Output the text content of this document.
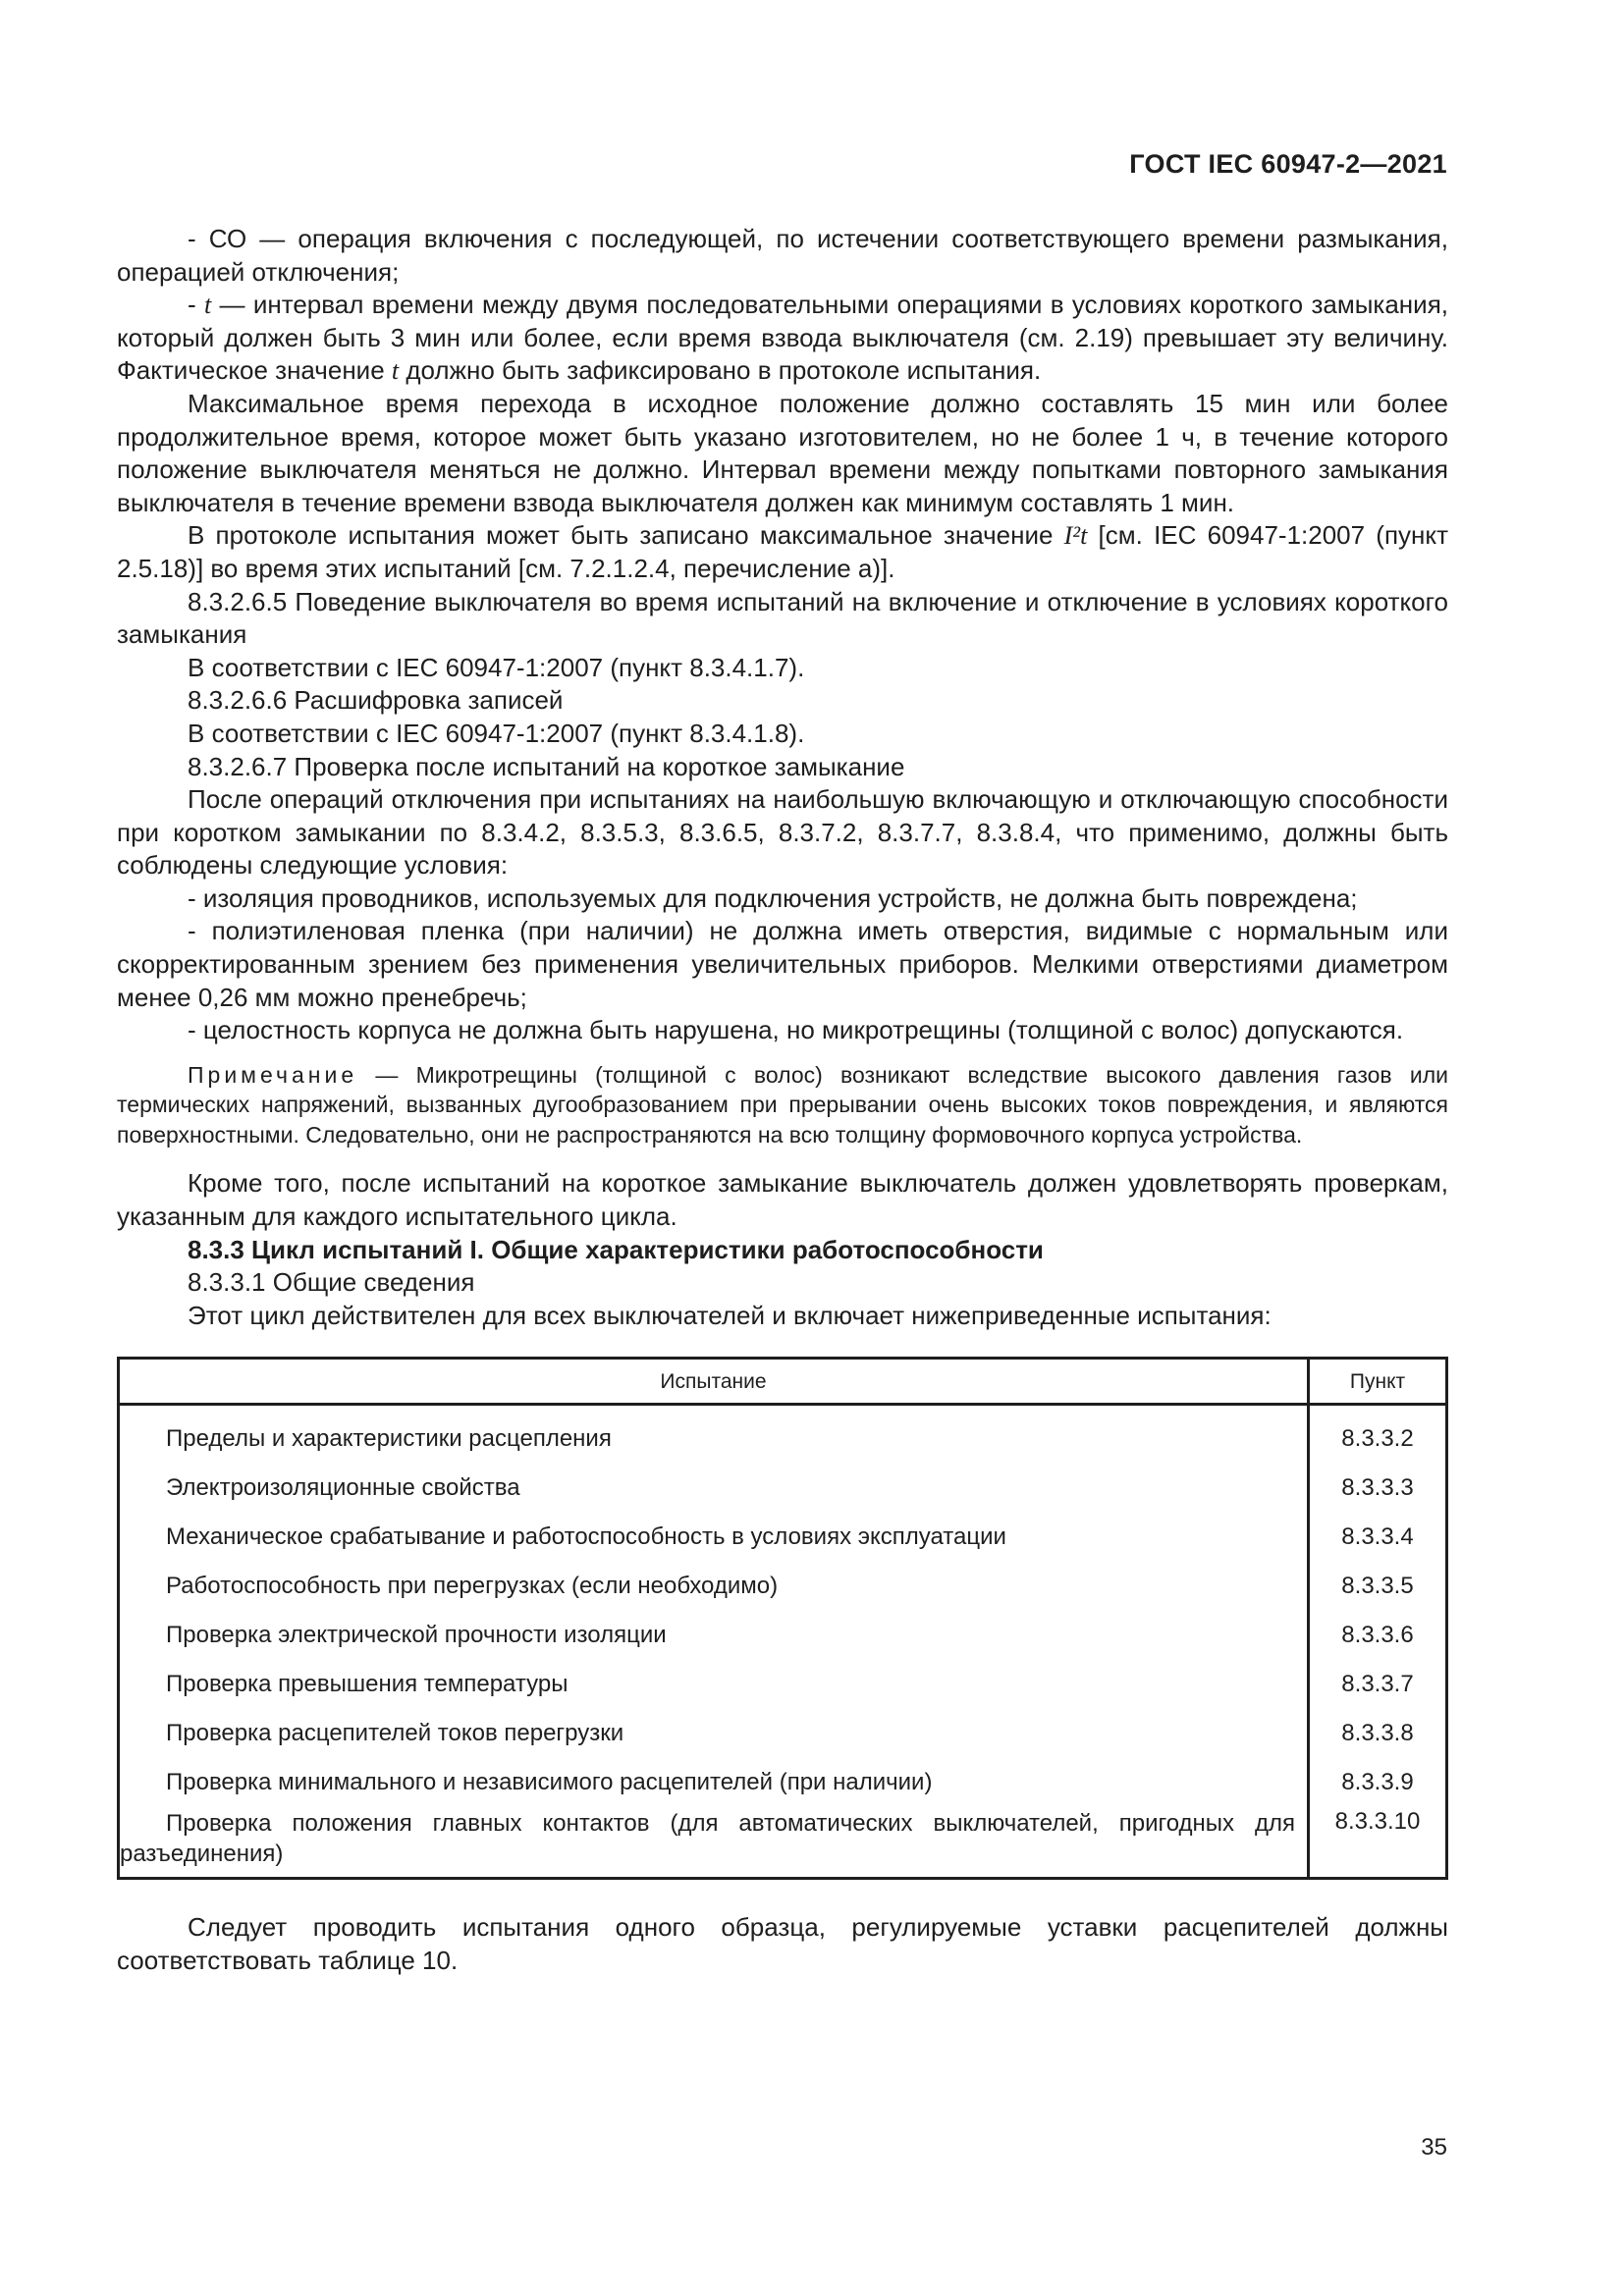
ГОСТ IEC 60947-2—2021

- СО — операция включения с последующей, по истечении соответствующего времени размыкания, операцией отключения;

- t — интервал времени между двумя последовательными операциями в условиях короткого замыкания, который должен быть 3 мин или более, если время взвода выключателя (см. 2.19) превышает эту величину. Фактическое значение t должно быть зафиксировано в протоколе испытания.

Максимальное время перехода в исходное положение должно составлять 15 мин или более продолжительное время, которое может быть указано изготовителем, но не более 1 ч, в течение которого положение выключателя меняться не должно. Интервал времени между попытками повторного замыкания выключателя в течение времени взвода выключателя должен как минимум составлять 1 мин.

В протоколе испытания может быть записано максимальное значение I²t [см. IEC 60947-1:2007 (пункт 2.5.18)] во время этих испытаний [см. 7.2.1.2.4, перечисление а)].

8.3.2.6.5 Поведение выключателя во время испытаний на включение и отключение в условиях короткого замыкания

В соответствии с IEC 60947-1:2007 (пункт 8.3.4.1.7).

8.3.2.6.6 Расшифровка записей

В соответствии с IEC 60947-1:2007 (пункт 8.3.4.1.8).

8.3.2.6.7 Проверка после испытаний на короткое замыкание

После операций отключения при испытаниях на наибольшую включающую и отключающую способности при коротком замыкании по 8.3.4.2, 8.3.5.3, 8.3.6.5, 8.3.7.2, 8.3.7.7, 8.3.8.4, что применимо, должны быть соблюдены следующие условия:

- изоляция проводников, используемых для подключения устройств, не должна быть повреждена;

- полиэтиленовая пленка (при наличии) не должна иметь отверстия, видимые с нормальным или скорректированным зрением без применения увеличительных приборов. Мелкими отверстиями диаметром менее 0,26 мм можно пренебречь;

- целостность корпуса не должна быть нарушена, но микротрещины (толщиной с волос) допускаются.

Примечание — Микротрещины (толщиной с волос) возникают вследствие высокого давления газов или термических напряжений, вызванных дугообразованием при прерывании очень высоких токов повреждения, и являются поверхностными. Следовательно, они не распространяются на всю толщину формовочного корпуса устройства.

Кроме того, после испытаний на короткое замыкание выключатель должен удовлетворять проверкам, указанным для каждого испытательного цикла.

8.3.3 Цикл испытаний I. Общие характеристики работоспособности

8.3.3.1 Общие сведения

Этот цикл действителен для всех выключателей и включает нижеприведенные испытания:

Испытание	Пункт
Пределы и характеристики расцепления	8.3.3.2
Электроизоляционные свойства	8.3.3.3
Механическое срабатывание и работоспособность в условиях эксплуатации	8.3.3.4
Работоспособность при перегрузках (если необходимо)	8.3.3.5
Проверка электрической прочности изоляции	8.3.3.6
Проверка превышения температуры	8.3.3.7
Проверка расцепителей токов перегрузки	8.3.3.8
Проверка минимального и независимого расцепителей (при наличии)	8.3.3.9
Проверка положения главных контактов (для автоматических выключателей, пригодных для разъединения)	8.3.3.10

Следует проводить испытания одного образца, регулируемые уставки расцепителей должны соответствовать таблице 10.

35
